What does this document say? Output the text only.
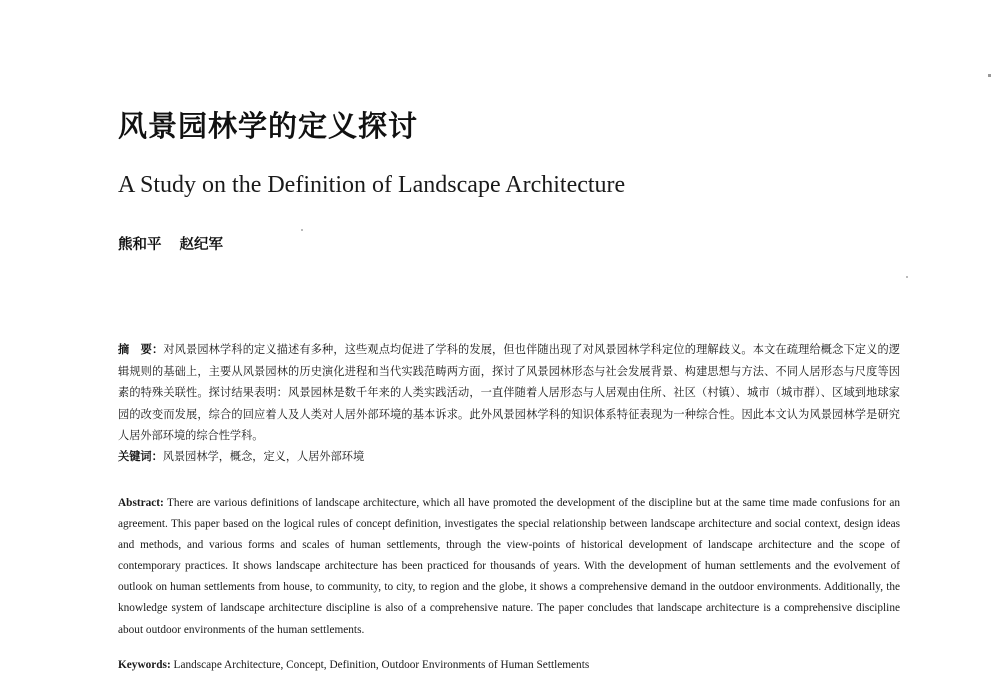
风景园林学的定义探讨
A Study on the Definition of Landscape Architecture
熊和平 赵纪军
摘　要：对风景园林学科的定义描述有多种，这些观点均促进了学科的发展，但也伴随出现了对风景园林学科定位的理解歧义。本文在疏理给概念下定义的逻辑规则的基础上，主要从风景园林的历史演化进程和当代实践范畴两方面，探讨了风景园林形态与社会发展背景、构建思想与方法、不同人居形态与尺度等因素的特殊关联性。探讨结果表明：风景园林是数千年来的人类实践活动，一直伴随着人居形态与人居观由住所、社区（村镇）、城市（城市群）、区域到地球家园的改变而发展，综合的回应着人及人类对人居外部环境的基本诉求。此外风景园林学科的知识体系特征表现为一种综合性。因此本文认为风景园林学是研究人居外部环境的综合性学科。
关键词：风景园林学，概念，定义，人居外部环境
Abstract: There are various definitions of landscape architecture, which all have promoted the development of the discipline but at the same time made confusions for an agreement. This paper based on the logical rules of concept definition, investigates the special relationship between landscape architecture and social context, design ideas and methods, and various forms and scales of human settlements, through the view-points of historical development of landscape architecture and the scope of contemporary practices. It shows landscape architecture has been practiced for thousands of years. With the development of human settlements and the evolvement of outlook on human settlements from house, to community, to city, to region and the globe, it shows a comprehensive demand in the outdoor environments. Additionally, the knowledge system of landscape architecture discipline is also of a comprehensive nature. The paper concludes that landscape architecture is a comprehensive discipline about outdoor environments of the human settlements.
Keywords: Landscape Architecture, Concept, Definition, Outdoor Environments of Human Settlements
